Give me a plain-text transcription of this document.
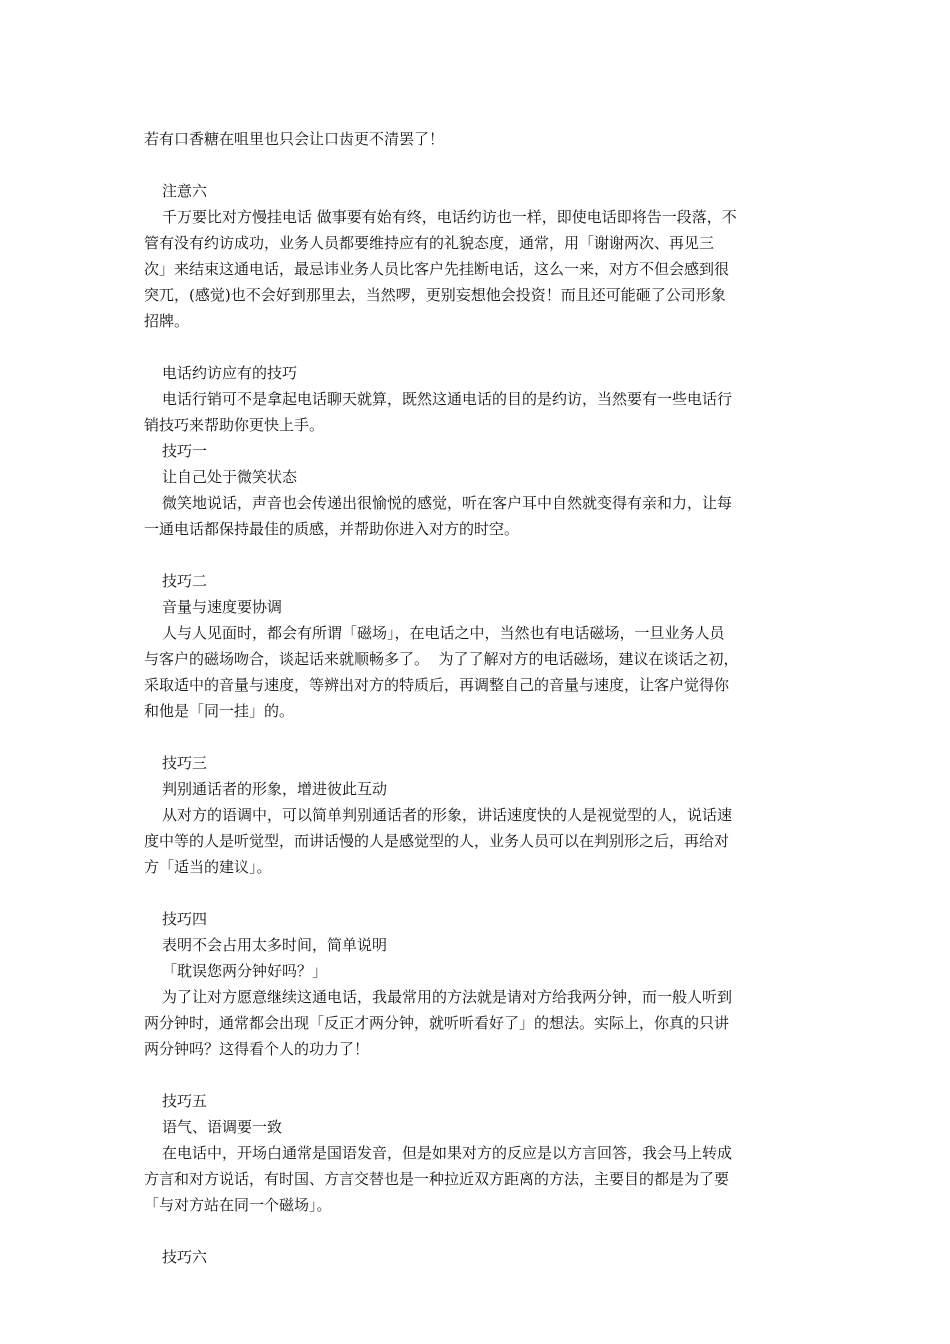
若有口香糖在咀里也只会让口齿更不清罢了！
注意六
千万要比对方慢挂电话 做事要有始有终，电话约访也一样，即使电话即将告一段落，不
管有没有约访成功，业务人员都要维持应有的礼貌态度，通常，用「谢谢两次、再见三
次」来结束这通电话，最忌讳业务人员比客户先挂断电话，这么一来，对方不但会感到很
突兀，(感觉)也不会好到那里去，当然啰，更别妄想他会投资！而且还可能砸了公司形象
招牌。
电话约访应有的技巧
电话行销可不是拿起电话聊天就算，既然这通电话的目的是约访，当然要有一些电话行
销技巧来帮助你更快上手。
技巧一
让自己处于微笑状态
微笑地说话，声音也会传递出很愉悦的感觉，听在客户耳中自然就变得有亲和力，让每
一通电话都保持最佳的质感，并帮助你进入对方的时空。
技巧二
音量与速度要协调
人与人见面时，都会有所谓「磁场」，在电话之中，当然也有电话磁场，一旦业务人员
与客户的磁场吻合，谈起话来就顺畅多了。  为了了解对方的电话磁场，建议在谈话之初，
采取适中的音量与速度，等辨出对方的特质后，再调整自己的音量与速度，让客户觉得你
和他是「同一挂」的。
技巧三
判别通话者的形象，增进彼此互动
从对方的语调中，可以简单判别通话者的形象，讲话速度快的人是视觉型的人，说话速
度中等的人是听觉型，而讲话慢的人是感觉型的人，业务人员可以在判别形之后，再给对
方「适当的建议」。
技巧四
表明不会占用太多时间，简单说明
「耽误您两分钟好吗？」
为了让对方愿意继续这通电话，我最常用的方法就是请对方给我两分钟，而一般人听到
两分钟时，通常都会出现「反正才两分钟，就听听看好了」的想法。实际上，你真的只讲
两分钟吗？这得看个人的功力了！
技巧五
语气、语调要一致
在电话中，开场白通常是国语发音，但是如果对方的反应是以方言回答，我会马上转成
方言和对方说话，有时国、方言交替也是一种拉近双方距离的方法，主要目的都是为了要
「与对方站在同一个磁场」。
技巧六
